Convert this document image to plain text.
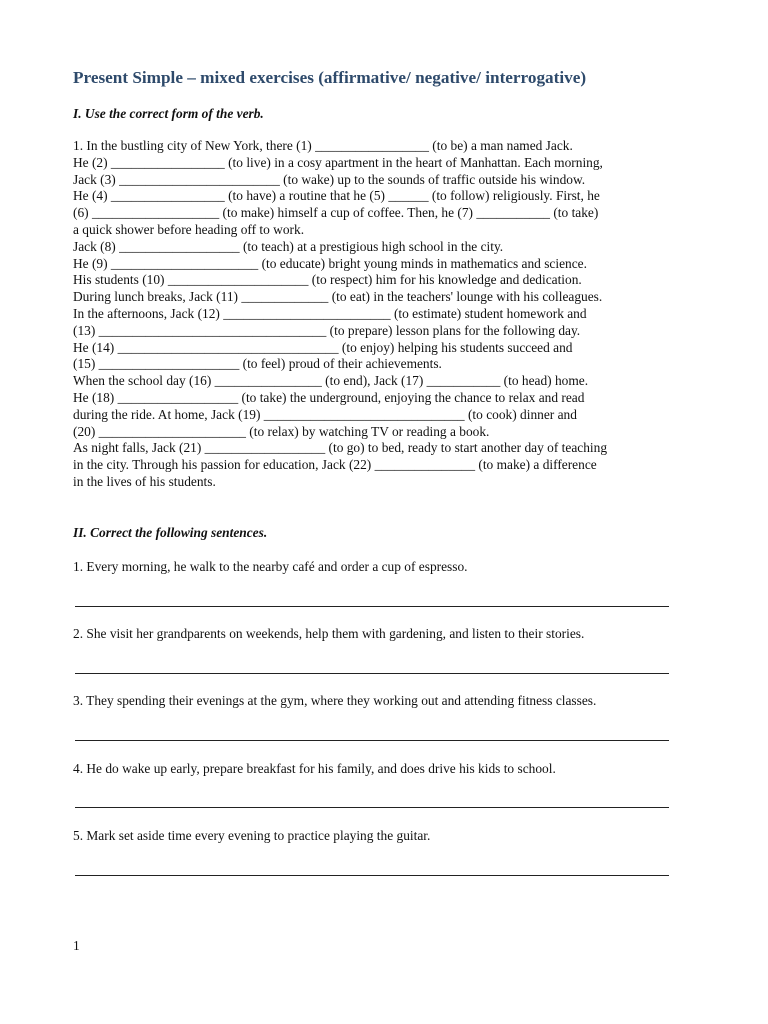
Present Simple – mixed exercises (affirmative/ negative/ interrogative)
I. Use the correct form of the verb.
1. In the bustling city of New York, there (1) _________________ (to be) a man named Jack.
He (2) _________________ (to live) in a cosy apartment in the heart of Manhattan. Each morning,
Jack (3) ________________________ (to wake) up to the sounds of traffic outside his window.
He (4) _________________ (to have) a routine that he (5) ______ (to follow) religiously. First, he
(6) ___________________ (to make) himself a cup of coffee. Then, he (7) ___________ (to take)
a quick shower before heading off to work.
Jack (8) __________________ (to teach) at a prestigious high school in the city.
He (9) ______________________ (to educate) bright young minds in mathematics and science.
His students (10) _____________________ (to respect) him for his knowledge and dedication.
During lunch breaks, Jack (11) _____________ (to eat) in the teachers' lounge with his colleagues.
In the afternoons, Jack (12) _________________________ (to estimate) student homework and
(13) __________________________________ (to prepare) lesson plans for the following day.
He (14) _________________________________ (to enjoy) helping his students succeed and
(15) _____________________ (to feel) proud of their achievements.
When the school day (16) ________________ (to end), Jack (17) ___________ (to head) home.
He (18) __________________ (to take) the underground, enjoying the chance to relax and read
during the ride. At home, Jack (19) ______________________________ (to cook) dinner and
(20) ______________________ (to relax) by watching TV or reading a book.
As night falls, Jack (21) __________________ (to go) to bed, ready to start another day of teaching
in the city. Through his passion for education, Jack (22) _______________ (to make) a difference
in the lives of his students.
II. Correct the following sentences.
1. Every morning, he walk to the nearby café and order a cup of espresso.
2. She visit her grandparents on weekends, help them with gardening, and listen to their stories.
3. They spending their evenings at the gym, where they working out and attending fitness classes.
4. He do wake up early, prepare breakfast for his family, and does drive his kids to school.
5. Mark set aside time every evening to practice playing the guitar.
1
